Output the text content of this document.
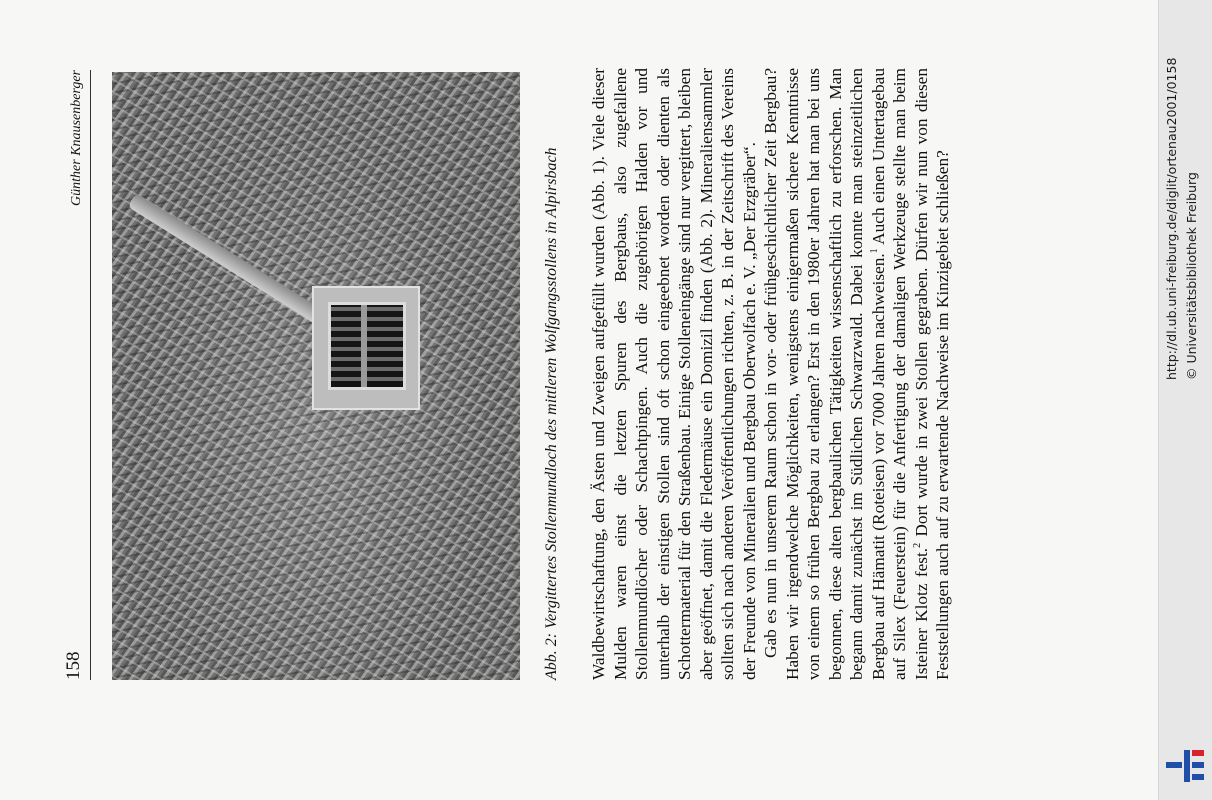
158
Günther Knausenberger
Abb. 2: Vergittertes Stollenmundloch des mittleren Wolfgangsstollens in Alpirsbach Waldbewirtschaftung, den Ästen und Zweigen aufgefüllt wurden (Abb. 1). Viele dieser Mulden waren einst die letzten Spuren des Bergbaus, also zugefallene Stollenmundlöcher oder Schachtpingen. Auch die zugehörigen Halden vor und unterhalb der einstigen Stollen sind oft schon eingeebnet worden oder dienten als Schottermaterial für den Straßenbau. Einige Stolleneingänge sind nur vergittert, bleiben aber geöffnet, damit die Fledermäuse ein Domizil finden (Abb. 2). Mineraliensammler sollten sich nach anderen Veröffentlichungen richten, z. B. in der Zeitschrift des Vereins der Freunde von Mineralien und Bergbau Oberwolfach e. V. „Der Erzgräber“. Gab es nun in unserem Raum schon in vor- oder frühgeschichtlicher Zeit Bergbau? Haben wir irgendwelche Möglichkeiten, wenigstens einigermaßen sichere Kenntnisse von einem so frühen Bergbau zu erlangen? Erst in den 1980er Jahren hat man bei uns begonnen, diese alten bergbaulichen Tätigkeiten wissenschaftlich zu erforschen. Man begann damit zunächst im Südlichen Schwarzwald. Dabei konnte man steinzeitlichen Bergbau auf Hämatit (Roteisen) vor 7000 Jahren nachweisen.$^1$ Auch einen Untertagebau auf Silex (Feuerstein) für die Anfertigung der damaligen Werkzeuge stellte man beim Isteiner Klotz fest.$^2$ Dort wurde in zwei Stollen gegraben. Dürfen wir nun von diesen Feststellungen auch auf zu erwartende Nachweise im Kinzigebiet schließen?	http://dl.ub.uni-freiburg.de/diglit/ortenau2001/0158 © Universitätsbibliothek Freiburg
